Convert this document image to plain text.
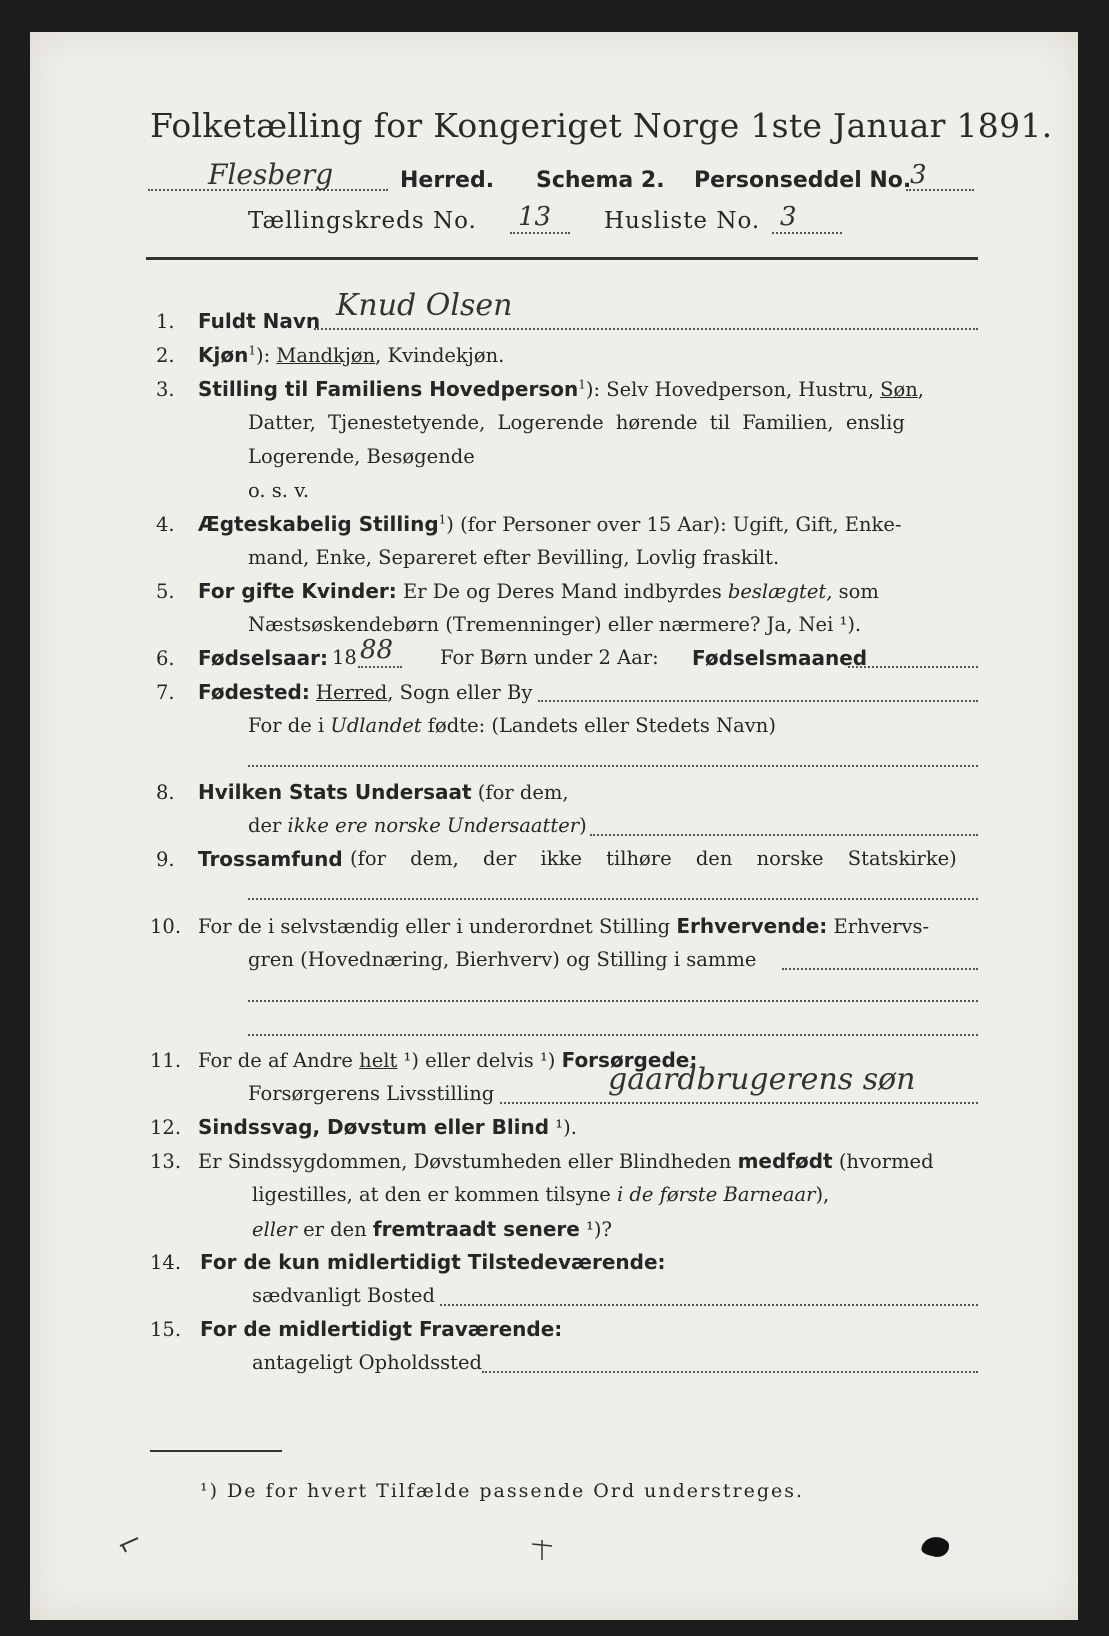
Folketælling for Kongeriget Norge 1ste Januar 1891.
Flesberg	Herred. Schema 2. Personseddel No.
3
Tællingskreds No. 13 Husliste No. 3
1. Fuldt Navn Knud Olsen
2. Kjøn$^1$): Mandkjøn, Kvindekjøn.
3. Stilling til Familiens Hovedperson$^1$): Selv Hovedperson, Hustru, Søn,
Datter, Tjenestetyende, Logerende hørende til Familien, enslig
Logerende, Besøgende
o. s. v.
4. Ægteskabelig Stilling$^1$) (for Personer over 15 Aar): Ugift, Gift, Enke-
mand, Enke, Separeret efter Bevilling, Lovlig fraskilt.
5. For gifte Kvinder: Er De og Deres Mand indbyrdes beslægtet, som
Næstsøskendebørn (Tremenninger) eller nærmere? Ja, Nei ¹).
6. Fødselsaar: 18 88 For Børn under 2 Aar: Fødselsmaaned
7. Fødested: Herred, Sogn eller By
For de i Udlandet fødte: (Landets eller Stedets Navn)
8. Hvilken Stats Undersaat (for dem,
der ikke ere norske Undersaatter)
9. Trossamfund (for dem, der ikke tilhøre den norske Statskirke)
10. For de i selvstændig eller i underordnet Stilling Erhvervende: Erhvervs-
gren (Hovednæring, Bierhverv) og Stilling i samme
11. For de af Andre helt ¹) eller delvis ¹) Forsørgede:
Forsørgerens Livsstilling	gaardbrugerens søn
12. Sindssvag, Døvstum eller Blind ¹).
13. Er Sindssygdommen, Døvstumheden eller Blindheden medfødt (hvormed
ligestilles, at den er kommen tilsyne i de første Barneaar),
eller er den fremtraadt senere ¹)?
14. For de kun midlertidigt Tilstedeværende:
sædvanligt Bosted
15. For de midlertidigt Fraværende:
antageligt Opholdssted
¹) De for hvert Tilfælde passende Ord understreges.
